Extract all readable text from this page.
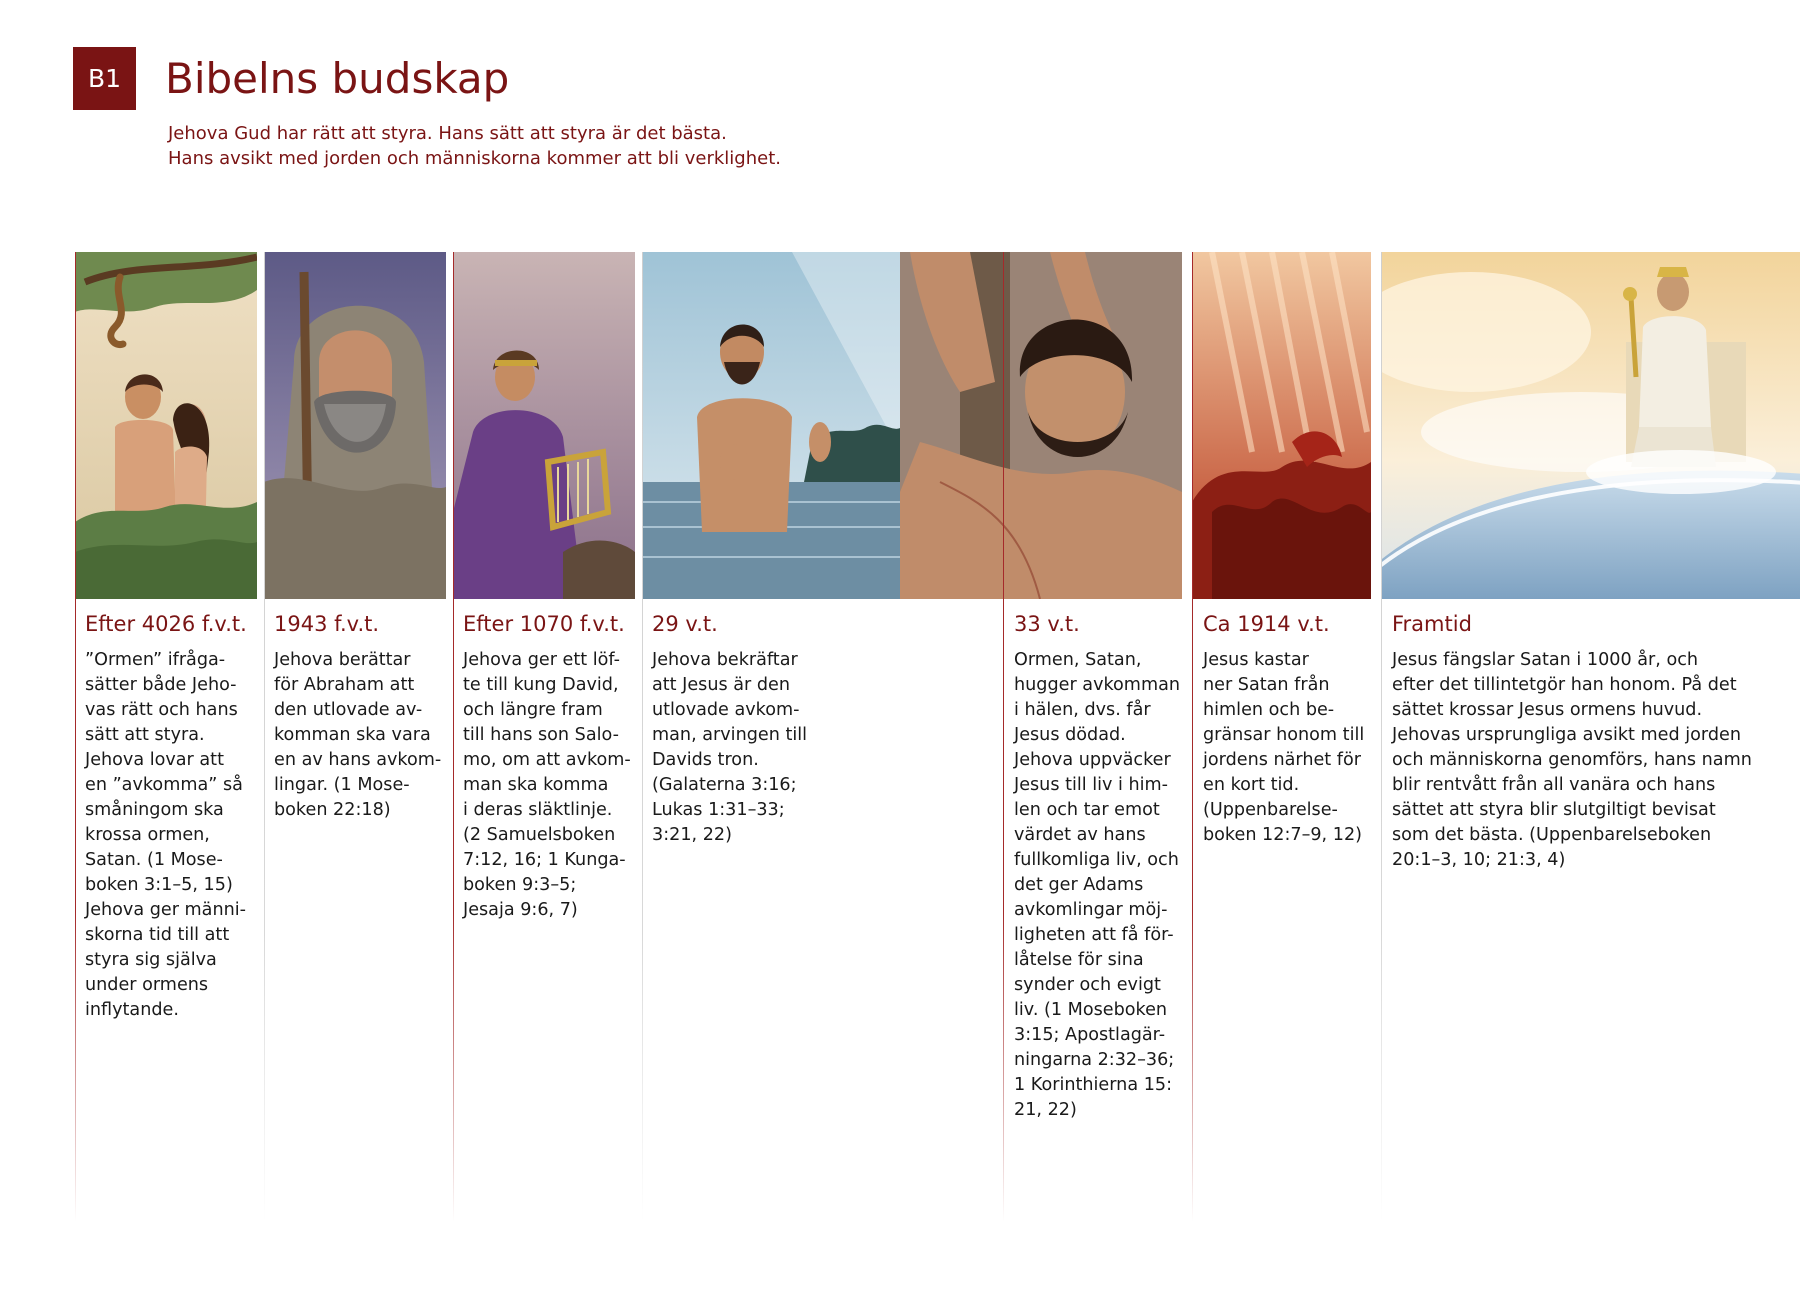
B1	Bibelns budskap
Jehova Gud har rätt att styra. Hans sätt att styra är det bästa.
Hans avsikt med jorden och människorna kommer att bli verklighet.
Efter 4026 f.v.t. 1943 f.v.t.	Efter 1070 f.v.t. 29 v.t.	33 v.t.	Ca 1914 v.t.	Framtid
”Ormen” ifråga-
sätter både Jeho-
vas rätt och hans
sätt att styra.
Jehova lovar att
en ”avkomma” så
småningom ska
krossa ormen,
Satan. (1 Mose-
boken 3:1–5, 15)
Jehova ger männi-
skorna tid till att
styra sig själva
under ormens
inflytande.
Jehova berättar
för Abraham att
den utlovade av-
komman ska vara
en av hans avkom-
lingar. (1 Mose-
boken 22:18)
Jehova ger ett löf-
te till kung David,
och längre fram
till hans son Salo-
mo, om att avkom-
man ska komma
i deras släktlinje.
(2 Samuelsboken
7:12, 16; 1 Kunga-
boken 9:3–5;
Jesaja 9:6, 7)
Jehova bekräftar
att Jesus är den
utlovade avkom-
man, arvingen till
Davids tron.
(Galaterna 3:16;
Lukas 1:31–33;
3:21, 22)
Ormen, Satan,
hugger avkomman
i hälen, dvs. får
Jesus dödad.
Jehova uppväcker
Jesus till liv i him-
len och tar emot
värdet av hans
fullkomliga liv, och
det ger Adams
avkomlingar möj-
ligheten att få för-
låtelse för sina
synder och evigt
liv. (1 Moseboken
3:15; Apostlagär-
ningarna 2:32–36;
1 Korinthierna 15:
21, 22)
Jesus kastar
ner Satan från
himlen och be-
gränsar honom till
jordens närhet för
en kort tid.
(Uppenbarelse-
boken 12:7–9, 12)
Jesus fängslar Satan i 1000 år, och
efter det tillintetgör han honom. På det
sättet krossar Jesus ormens huvud.
Jehovas ursprungliga avsikt med jorden
och människorna genomförs, hans namn
blir rentvått från all vanära och hans
sättet att styra blir slutgiltigt bevisat
som det bästa. (Uppenbarelseboken
20:1–3, 10; 21:3, 4)
